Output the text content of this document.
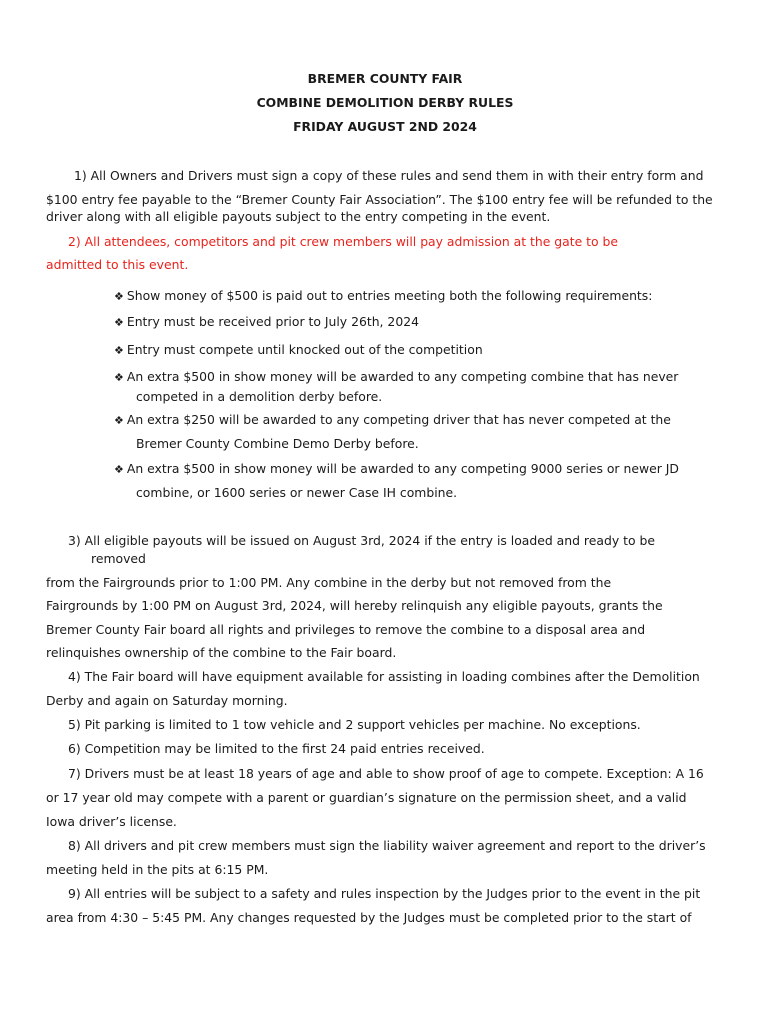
BREMER COUNTY FAIR
COMBINE DEMOLITION DERBY RULES
FRIDAY AUGUST 2ND 2024
1) All Owners and Drivers must sign a copy of these rules and send them in with their entry form and
$100 entry fee payable to the “Bremer County Fair Association”. The $100 entry fee will be refunded to the
driver along with all eligible payouts subject to the entry competing in the event.
2) All attendees, competitors and pit crew members will pay admission at the gate to be
admitted to this event.
❖ Show money of $500 is paid out to entries meeting both the following requirements:
❖ Entry must be received prior to July 26th, 2024
❖ Entry must compete until knocked out of the competition
❖ An extra $500 in show money will be awarded to any competing combine that has never
competed in a demolition derby before.
❖ An extra $250 will be awarded to any competing driver that has never competed at the
Bremer County Combine Demo Derby before.
❖ An extra $500 in show money will be awarded to any competing 9000 series or newer JD
combine, or 1600 series or newer Case IH combine.
3) All eligible payouts will be issued on August 3rd, 2024 if the entry is loaded and ready to be
removed
from the Fairgrounds prior to 1:00 PM. Any combine in the derby but not removed from the
Fairgrounds by 1:00 PM on August 3rd, 2024, will hereby relinquish any eligible payouts, grants the
Bremer County Fair board all rights and privileges to remove the combine to a disposal area and
relinquishes ownership of the combine to the Fair board.
4) The Fair board will have equipment available for assisting in loading combines after the Demolition
Derby and again on Saturday morning.
5) Pit parking is limited to 1 tow vehicle and 2 support vehicles per machine. No exceptions.
6) Competition may be limited to the first 24 paid entries received.
7) Drivers must be at least 18 years of age and able to show proof of age to compete. Exception: A 16
or 17 year old may compete with a parent or guardian’s signature on the permission sheet, and a valid
Iowa driver’s license.
8) All drivers and pit crew members must sign the liability waiver agreement and report to the driver’s
meeting held in the pits at 6:15 PM.
9) All entries will be subject to a safety and rules inspection by the Judges prior to the event in the pit
area from 4:30 – 5:45 PM. Any changes requested by the Judges must be completed prior to the start of
